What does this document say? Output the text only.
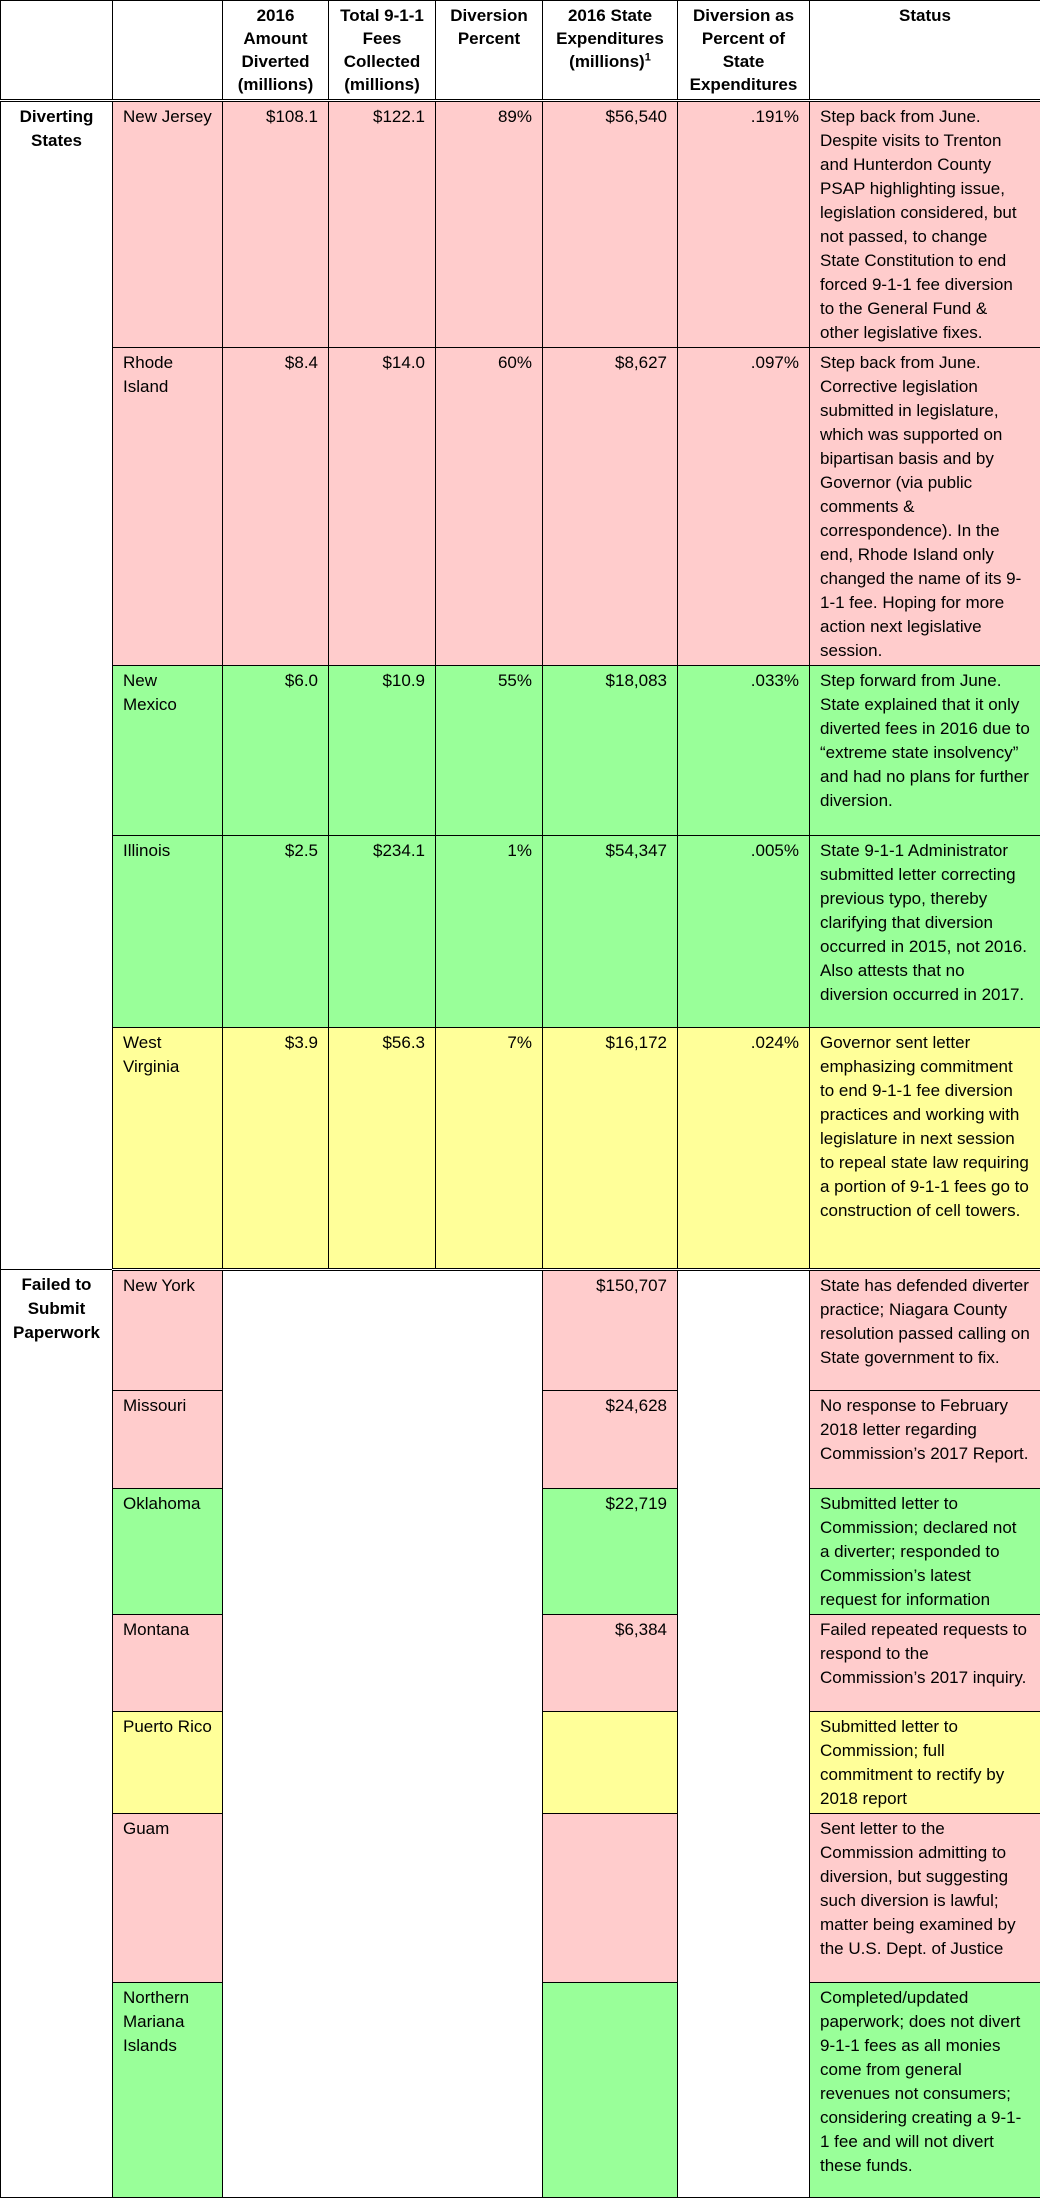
		2016 Amount Diverted (millions)	Total 9-1-1 Fees Collected (millions)	Diversion Percent	2016 State Expenditures (millions)$^1$	Diversion as Percent of State Expenditures	Status

Diverting States	New Jersey	$108.1	$122.1	89%	$56,540	.191%	Step back from June. Despite visits to Trenton and Hunterdon County PSAP highlighting issue, legislation considered, but not passed, to change State Constitution to end forced 9-1-1 fee diversion to the General Fund & other legislative fixes.
	Rhode Island	$8.4	$14.0	60%	$8,627	.097%	Step back from June. Corrective legislation submitted in legislature, which was supported on bipartisan basis and by Governor (via public comments & correspondence). In the end, Rhode Island only changed the name of its 9-1-1 fee. Hoping for more action next legislative session.
	New Mexico	$6.0	$10.9	55%	$18,083	.033%	Step forward from June. State explained that it only diverted fees in 2016 due to “extreme state insolvency” and had no plans for further diversion.
	Illinois	$2.5	$234.1	1%	$54,347	.005%	State 9-1-1 Administrator submitted letter correcting previous typo, thereby clarifying that diversion occurred in 2015, not 2016. Also attests that no diversion occurred in 2017.
	West Virginia	$3.9	$56.3	7%	$16,172	.024%	Governor sent letter emphasizing commitment to end 9-1-1 fee diversion practices and working with legislature in next session to repeal state law requiring a portion of 9-1-1 fees go to construction of cell towers.

Failed to Submit Paperwork	New York				$150,707		State has defended diverter practice; Niagara County resolution passed calling on State government to fix.
	Missouri				$24,628		No response to February 2018 letter regarding Commission’s 2017 Report.
	Oklahoma				$22,719		Submitted letter to Commission; declared not a diverter; responded to Commission’s latest request for information
	Montana				$6,384		Failed repeated requests to respond to the Commission’s 2017 inquiry.
	Puerto Rico						Submitted letter to Commission; full commitment to rectify by 2018 report
	Guam						Sent letter to the Commission admitting to diversion, but suggesting such diversion is lawful; matter being examined by the U.S. Dept. of Justice
	Northern Mariana Islands						Completed/updated paperwork; does not divert 9-1-1 fees as all monies come from general revenues not consumers; considering creating a 9-1-1 fee and will not divert these funds.
